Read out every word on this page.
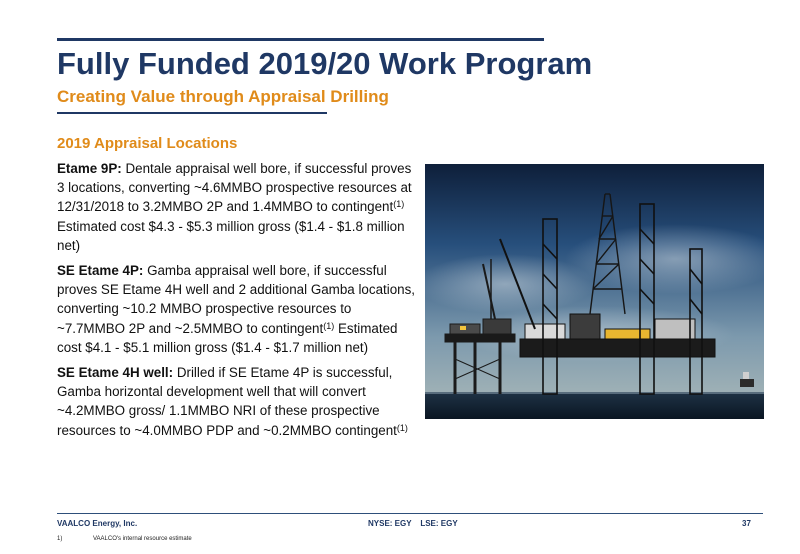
Fully Funded 2019/20 Work Program
Creating Value through Appraisal Drilling
2019 Appraisal Locations

Etame 9P: Dentale appraisal well bore, if successful proves 3 locations, converting ~4.6MMBO prospective resources at 12/31/2018 to 3.2MMBO 2P and 1.4MMBO to contingent$^{(1)}$ Estimated cost $4.3 - $5.3 million gross ($1.4 - $1.8 million net)

SE Etame 4P: Gamba appraisal well bore, if successful proves SE Etame 4H well and 2 additional Gamba locations, converting ~10.2 MMBO prospective resources to ~7.7MMBO 2P and ~2.5MMBO to contingent$^{(1)}$ Estimated cost $4.1 - $5.1 million gross ($1.4 - $1.7 million net)

SE Etame 4H well: Drilled if SE Etame 4P is successful, Gamba horizontal development well that will convert ~4.2MMBO gross/ 1.1MMBO NRI of these prospective resources to ~4.0MMBO PDP and ~0.2MMBO contingent$^{(1)}$

VAALCO Energy, Inc.	NYSE: EGY    LSE: EGY	37

1)	VAALCO's internal resource estimate
